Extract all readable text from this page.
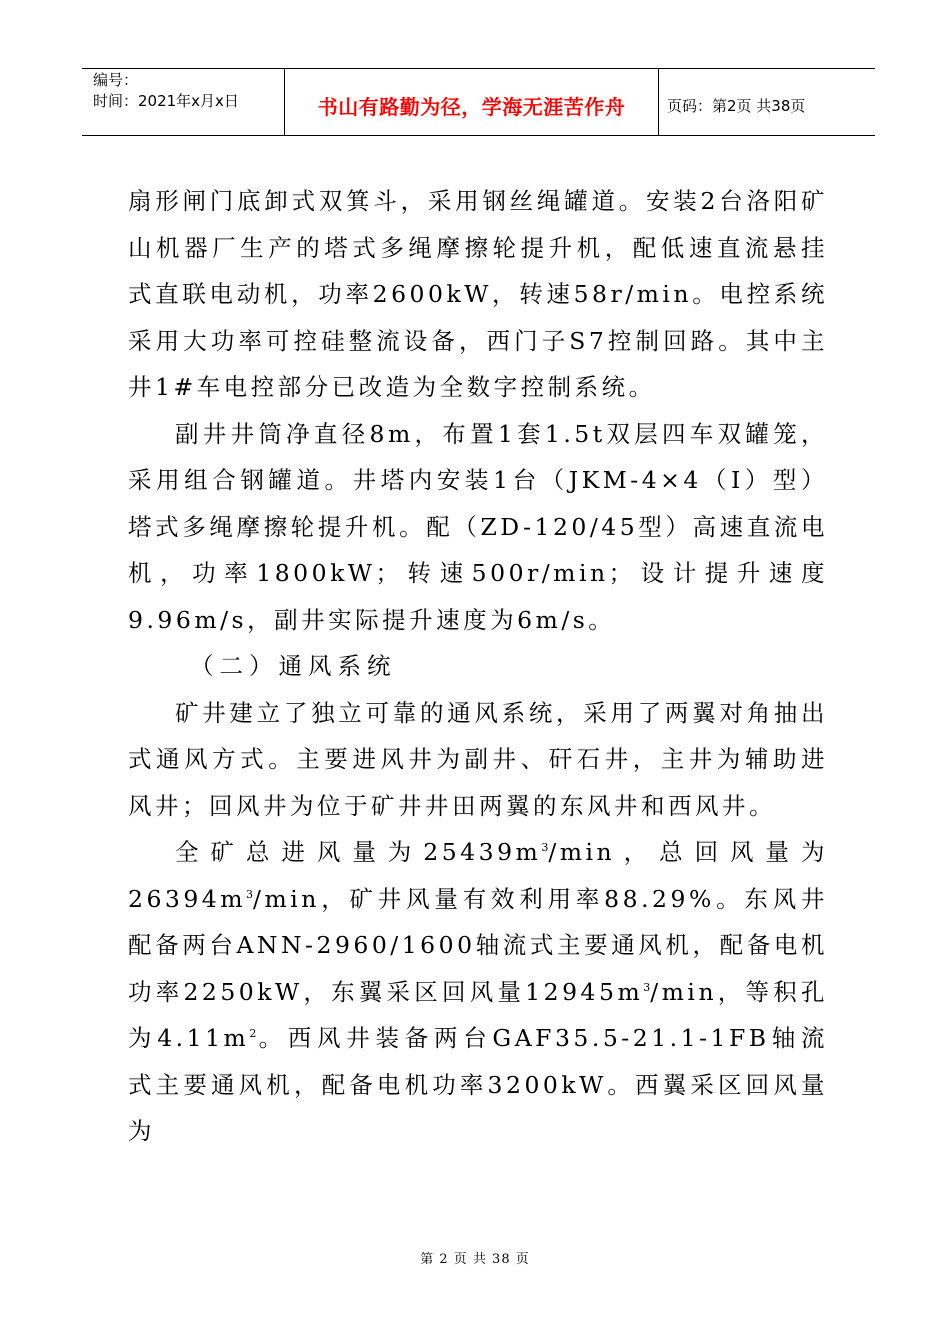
编号：
时间：2021年x月x日	书山有路勤为径，学海无涯苦作舟	页码：第2页 共38页

扇形闸门底卸式双箕斗，采用钢丝绳罐道。安装2台洛阳矿山机器厂生产的塔式多绳摩擦轮提升机，配低速直流悬挂式直联电动机，功率2600kW，转速58r/min。电控系统采用大功率可控硅整流设备，西门子S7控制回路。其中主井1#车电控部分已改造为全数字控制系统。

副井井筒净直径8m，布置1套1.5t双层四车双罐笼，采用组合钢罐道。井塔内安装1台（JKM-4×4（Ⅰ）型）塔式多绳摩擦轮提升机。配（ZD-120/45型）高速直流电机，功率1800kW；转速500r/min；设计提升速度9.96m/s，副井实际提升速度为6m/s。

（二）通风系统

矿井建立了独立可靠的通风系统，采用了两翼对角抽出式通风方式。主要进风井为副井、矸石井，主井为辅助进风井；回风井为位于矿井井田两翼的东风井和西风井。

全矿总进风量为$25439m^3/\min$，总回风量为$26394m^3/\min$，矿井风量有效利用率88.29%。东风井配备两台ANN-2960/1600轴流式主要通风机，配备电机功率2250kW，东翼采区回风量$12945m^3/\min$，等积孔为$4.11m^2$。西风井装备两台GAF35.5-21.1-1FB轴流式主要通风机，配备电机功率3200kW。西翼采区回风量为

第 2 页 共 38 页
